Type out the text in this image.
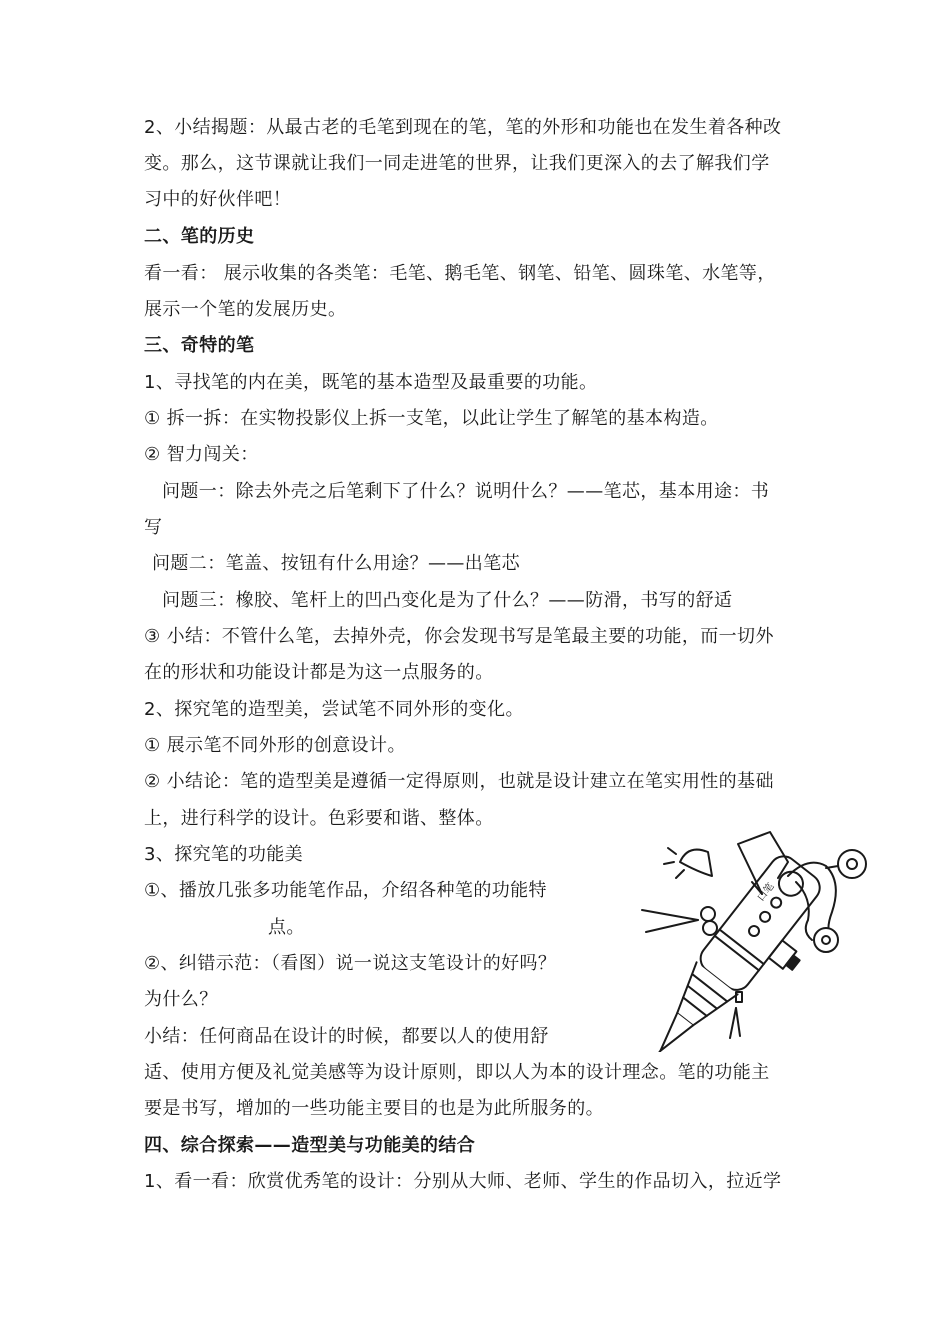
2、小结揭题：从最古老的毛笔到现在的笔，笔的外形和功能也在发生着各种改
变。那么，这节课就让我们一同走进笔的世界，让我们更深入的去了解我们学
习中的好伙伴吧！
二、笔的历史
看一看： 展示收集的各类笔：毛笔、鹅毛笔、钢笔、铅笔、圆珠笔、水笔等，
展示一个笔的发展历史。
三、奇特的笔
1、寻找笔的内在美，既笔的基本造型及最重要的功能。
① 拆一拆：在实物投影仪上拆一支笔，以此让学生了解笔的基本构造。
② 智力闯关：
问题一：除去外壳之后笔剩下了什么？说明什么？——笔芯，基本用途：书
写
问题二：笔盖、按钮有什么用途？——出笔芯
问题三：橡胶、笔杆上的凹凸变化是为了什么？——防滑，书写的舒适
③ 小结：不管什么笔，去掉外壳，你会发现书写是笔最主要的功能，而一切外
在的形状和功能设计都是为这一点服务的。
2、探究笔的造型美，尝试笔不同外形的变化。
① 展示笔不同外形的创意设计。
② 小结论：笔的造型美是遵循一定得原则，也就是设计建立在笔实用性的基础
上，进行科学的设计。色彩要和谐、整体。
3、探究笔的功能美
①、播放几张多功能笔作品，介绍各种笔的功能特
点。
②、纠错示范：（看图）说一说这支笔设计的好吗？
为什么？
小结：任何商品在设计的时候，都要以人的使用舒
适、使用方便及礼觉美感等为设计原则，即以人为本的设计理念。笔的功能主
要是书写，增加的一些功能主要目的也是为此所服务的。
四、综合探索——造型美与功能美的结合
1、看一看：欣赏优秀笔的设计：分别从大师、老师、学生的作品切入，拉近学
口笔
